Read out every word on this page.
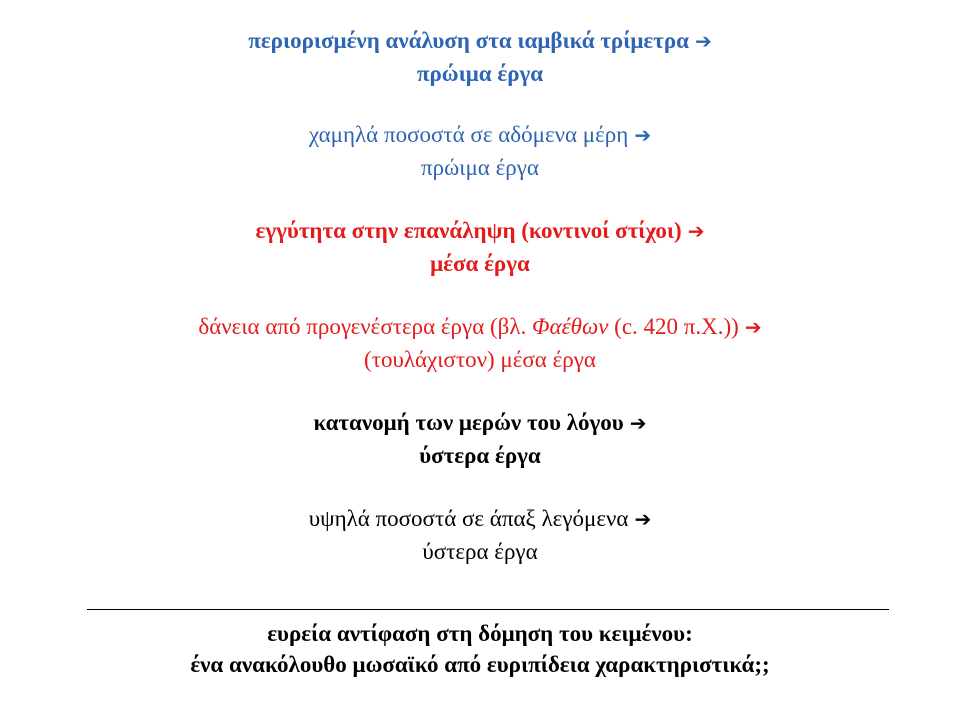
περιορισμένη ανάλυση στα ιαμβικά τρίμετρα ➔
πρώιμα έργα
χαμηλά ποσοστά σε αδόμενα μέρη ➔
πρώιμα έργα
εγγύτητα στην επανάληψη (κοντινοί στίχοι) ➔
μέσα έργα
δάνεια από προγενέστερα έργα (βλ. Φαέθων (c. 420 π.Χ.)) ➔
(τουλάχιστον) μέσα έργα
κατανομή των μερών του λόγου ➔
ύστερα έργα
υψηλά ποσοστά σε άπαξ λεγόμενα ➔
ύστερα έργα
ευρεία αντίφαση στη δόμηση του κειμένου:
ένα ανακόλουθο μωσαϊκό από ευριπίδεια χαρακτηριστικά;;
